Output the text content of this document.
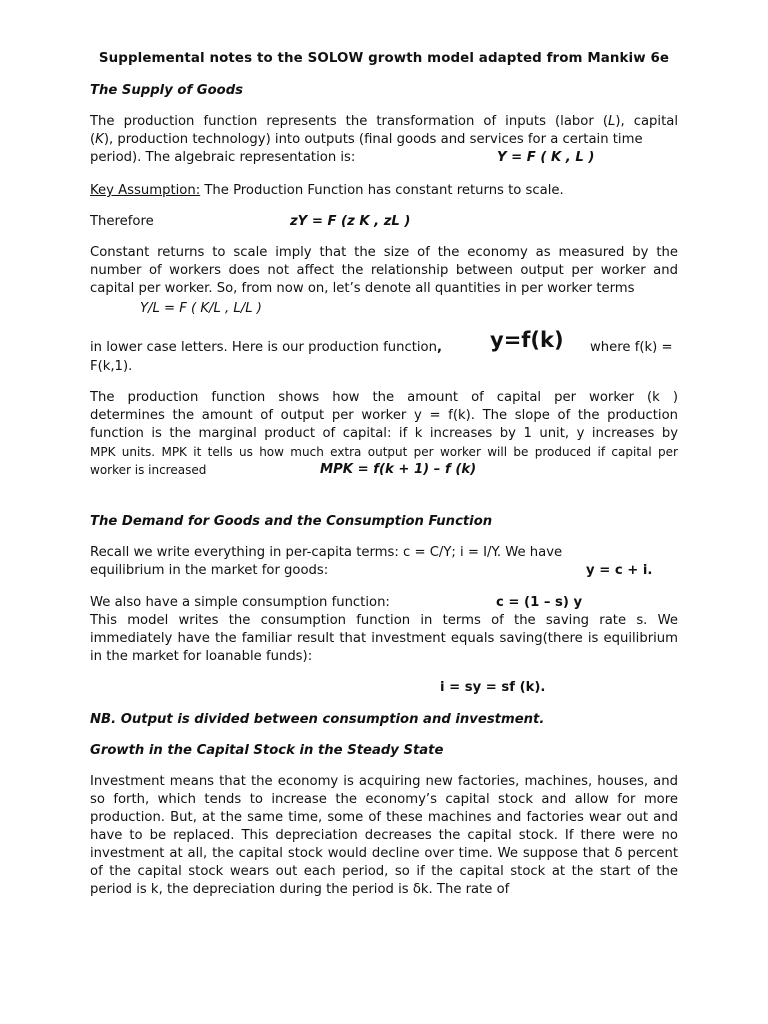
Supplemental notes to the SOLOW growth model adapted from Mankiw 6e
The Supply of Goods
The production function represents the transformation of inputs (labor (L), capital
(K), production technology) into outputs (final goods and services for a certain time
period). The algebraic representation is:	Y = F ( K , L )
Key Assumption: The Production Function has constant returns to scale.
Therefore	zY = F (z K , zL )
Constant returns to scale imply that the size of the economy as measured by the number of workers does not affect the relationship between output per worker and capital per worker. So, from now on, let’s denote all quantities in per worker terms
Y/L = F ( K/L , L/L )
in lower case letters. Here is our production function, y=f(k) where f(k) =
F(k,1).
The production function shows how the amount of capital per worker (k )
determines the amount of output per worker y = f(k). The slope of the production
function is the marginal product of capital: if k increases by 1 unit, y increases by
MPK units. MPK it tells us how much extra output per worker will be produced if capital per
worker is increased	MPK = f(k + 1) – f (k)
The Demand for Goods and the Consumption Function
Recall we write everything in per-capita terms: c = C/Y; i = I/Y. We have
equilibrium in the market for goods:	y = c + i.
We also have a simple consumption function:	c = (1 – s) y
This model writes the consumption function in terms of the saving rate s. We immediately have the familiar result that investment equals saving(there is equilibrium in the market for loanable funds):
i = sy = sf (k).
NB. Output is divided between consumption and investment.
Growth in the Capital Stock in the Steady State
Investment means that the economy is acquiring new factories, machines, houses, and so forth, which tends to increase the economy’s capital stock and allow for more production. But, at the same time, some of these machines and factories wear out and have to be replaced. This depreciation decreases the capital stock. If there were no investment at all, the capital stock would decline over time. We suppose that δ percent of the capital stock wears out each period, so if the capital stock at the start of the period is k, the depreciation during the period is δk. The rate of
